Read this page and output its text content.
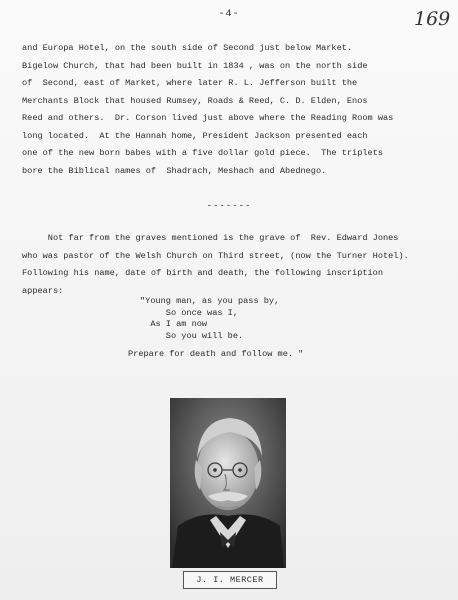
-4-	169
and Europa Hotel, on the south side of Second just below Market.
Bigelow Church, that had been built in 1834 , was on the north side
of  Second, east of Market, where later R. L. Jefferson built the
Merchants Block that housed Rumsey, Roads & Reed, C. D. Elden, Enos
Reed and others.  Dr. Corson lived just above where the Reading Room was
long located.  At the Hannah home, President Jackson presented each
one of the new born babes with a five dollar gold piece.  The triplets
bore the Biblical names of  Shadrach, Meshach and Abednego.
-------
Not far from the graves mentioned is the grave of  Rev. Edward Jones
who was pastor of the Welsh Church on Third street, (now the Turner Hotel).
Following his name, date of birth and death, the following inscription
appears:
"Young man, as you pass by,
So once was I,
As I am now
So you will be.
Prepare for death and follow me. "
J. I. MERCER
